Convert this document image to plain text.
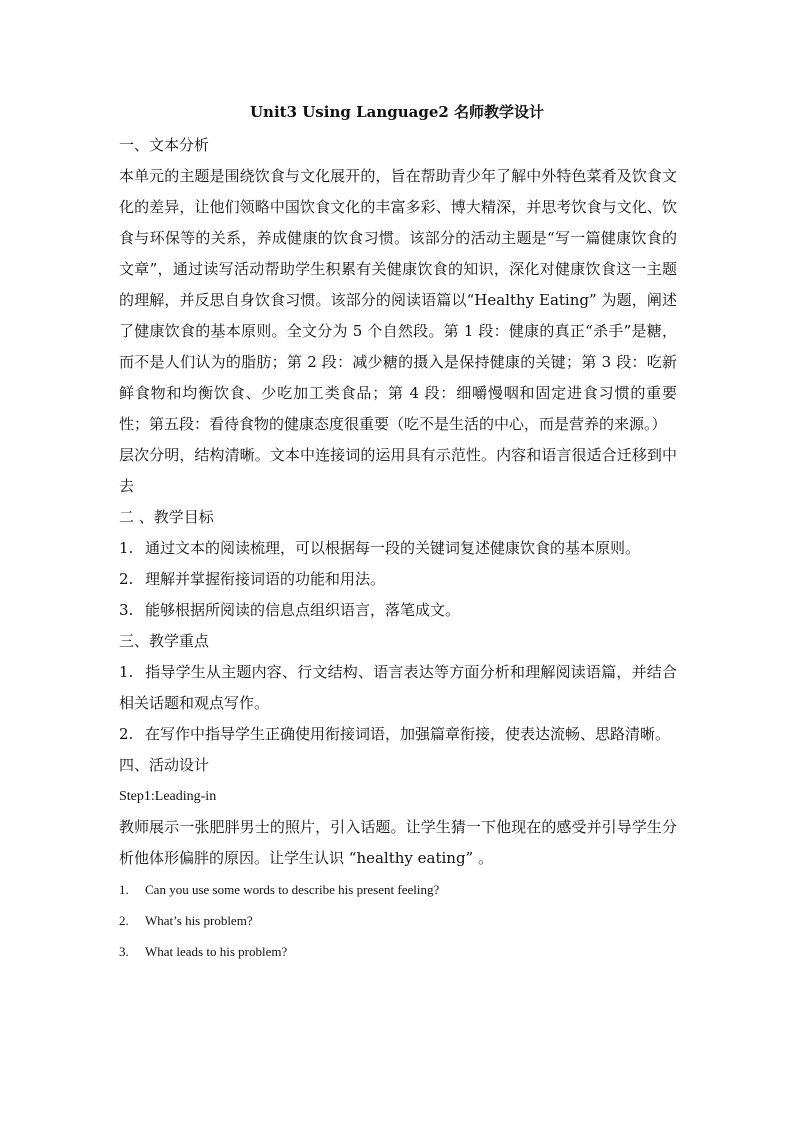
Unit3 Using Language2 名师教学设计
一、文本分析
本单元的主题是围绕饮食与文化展开的，旨在帮助青少年了解中外特色菜肴及饮食文化的差异，让他们领略中国饮食文化的丰富多彩、博大精深，并思考饮食与文化、饮食与环保等的关系，养成健康的饮食习惯。该部分的活动主题是“写一篇健康饮食的文章”，通过读写活动帮助学生积累有关健康饮食的知识，深化对健康饮食这一主题的理解，并反思自身饮食习惯。该部分的阅读语篇以“Healthy Eating” 为题，阐述了健康饮食的基本原则。全文分为 5 个自然段。第 1 段：健康的真正“杀手”是糖，而不是人们认为的脂肪；第 2 段：减少糖的摄入是保持健康的关键；第 3 段：吃新鲜食物和均衡饮食、少吃加工类食品；第 4 段：细嚼慢咽和固定进食习惯的重要性；第五段：看待食物的健康态度很重要（吃不是生活的中心，而是营养的来源。）
层次分明，结构清晰。文本中连接词的运用具有示范性。内容和语言很适合迁移到中去
二 、教学目标
1. 通过文本的阅读梳理，可以根据每一段的关键词复述健康饮食的基本原则。
2. 理解并掌握衔接词语的功能和用法。
3. 能够根据所阅读的信息点组织语言，落笔成文。
三、教学重点
1. 指导学生从主题内容、行文结构、语言表达等方面分析和理解阅读语篇，并结合相关话题和观点写作。
2. 在写作中指导学生正确使用衔接词语，加强篇章衔接，使表达流畅、思路清晰。
四、活动设计
Step1:Leading-in
教师展示一张肥胖男士的照片，引入话题。让学生猜一下他现在的感受并引导学生分析他体形偏胖的原因。让学生认识 “healthy eating” 。
1.	Can you use some words to describe his present feeling?
2.	What’s his problem?
3.	What leads to his problem?
